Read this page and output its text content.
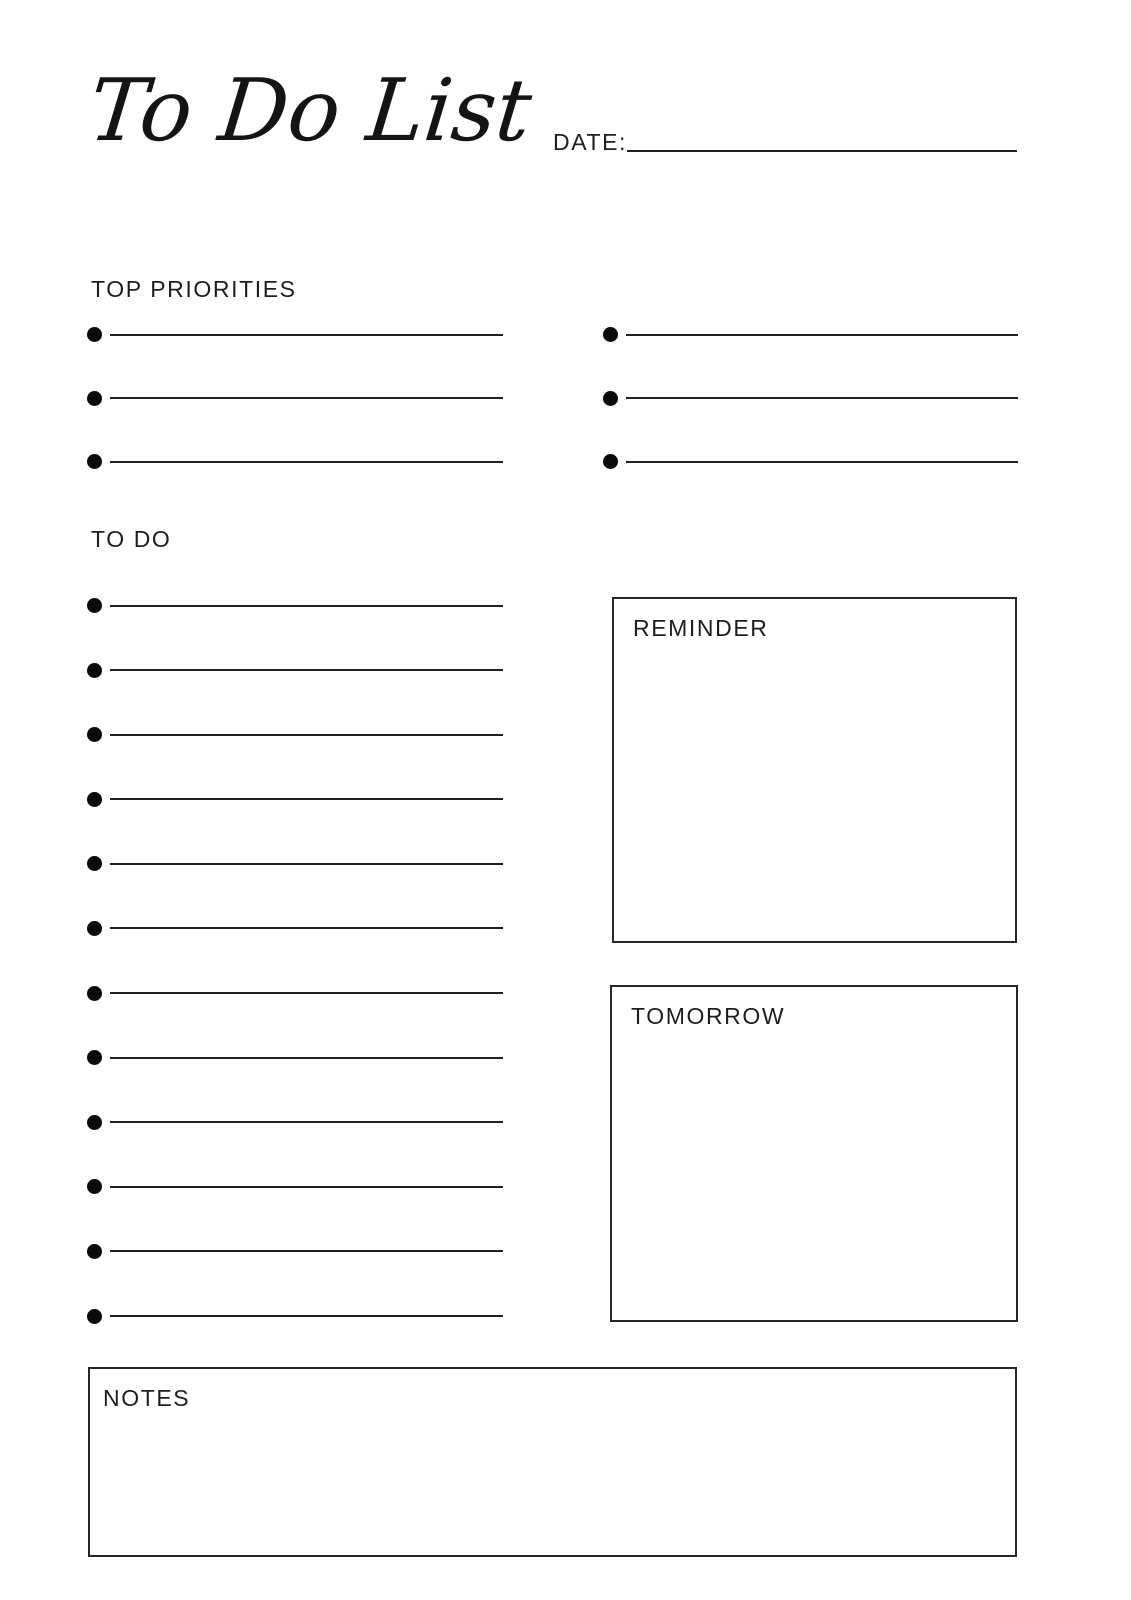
To Do List DATE:
TOP PRIORITIES
TO DO
REMINDER
TOMORROW
NOTES
